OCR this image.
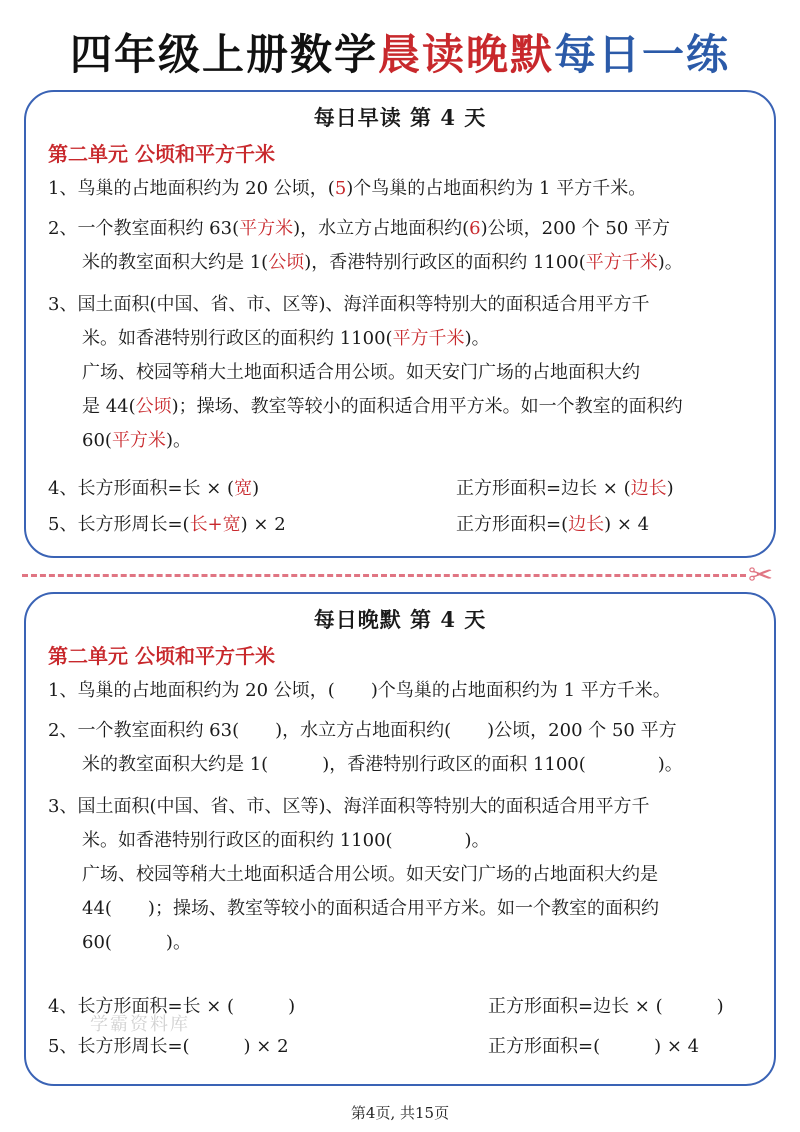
四年级上册数学晨读晚默每日一练
每日早读 第 4 天
第二单元 公顷和平方千米
1、鸟巢的占地面积约为 20 公顷，(5)个鸟巢的占地面积约为 1 平方千米。
2、一个教室面积约 63(平方米)，水立方占地面积约(6)公顷，200 个 50 平方
米的教室面积大约是 1(公顷)，香港特别行政区的面积约 1100(平方千米)。
3、国土面积(中国、省、市、区等)、海洋面积等特别大的面积适合用平方千
米。如香港特别行政区的面积约 1100(平方千米)。
广场、校园等稍大土地面积适合用公顷。如天安门广场的占地面积大约
是 44(公顷)；操场、教室等较小的面积适合用平方米。如一个教室的面积约
60(平方米)。
4、长方形面积=长 × (宽)	正方形面积=边长 × (边长)
5、长方形周长=(长+宽) × 2	正方形面积=(边长) × 4
✂
每日晚默 第 4 天
第二单元 公顷和平方千米
1、鸟巢的占地面积约为 20 公顷，(　　)个鸟巢的占地面积约为 1 平方千米。
2、一个教室面积约 63(　　)，水立方占地面积约(　　)公顷，200 个 50 平方
米的教室面积大约是 1(　　　)，香港特别行政区的面积 1100(　　　　)。
3、国土面积(中国、省、市、区等)、海洋面积等特别大的面积适合用平方千
米。如香港特别行政区的面积约 1100(　　　　)。
广场、校园等稍大土地面积适合用公顷。如天安门广场的占地面积大约是
44(　　)；操场、教室等较小的面积适合用平方米。如一个教室的面积约
60(　　　)。
4、长方形面积=长 × (　　　)	正方形面积=边长 × (　　　)
5、长方形周长=(　　　) × 2	正方形面积=(　　　) × 4
学霸资料库
第4页, 共15页
